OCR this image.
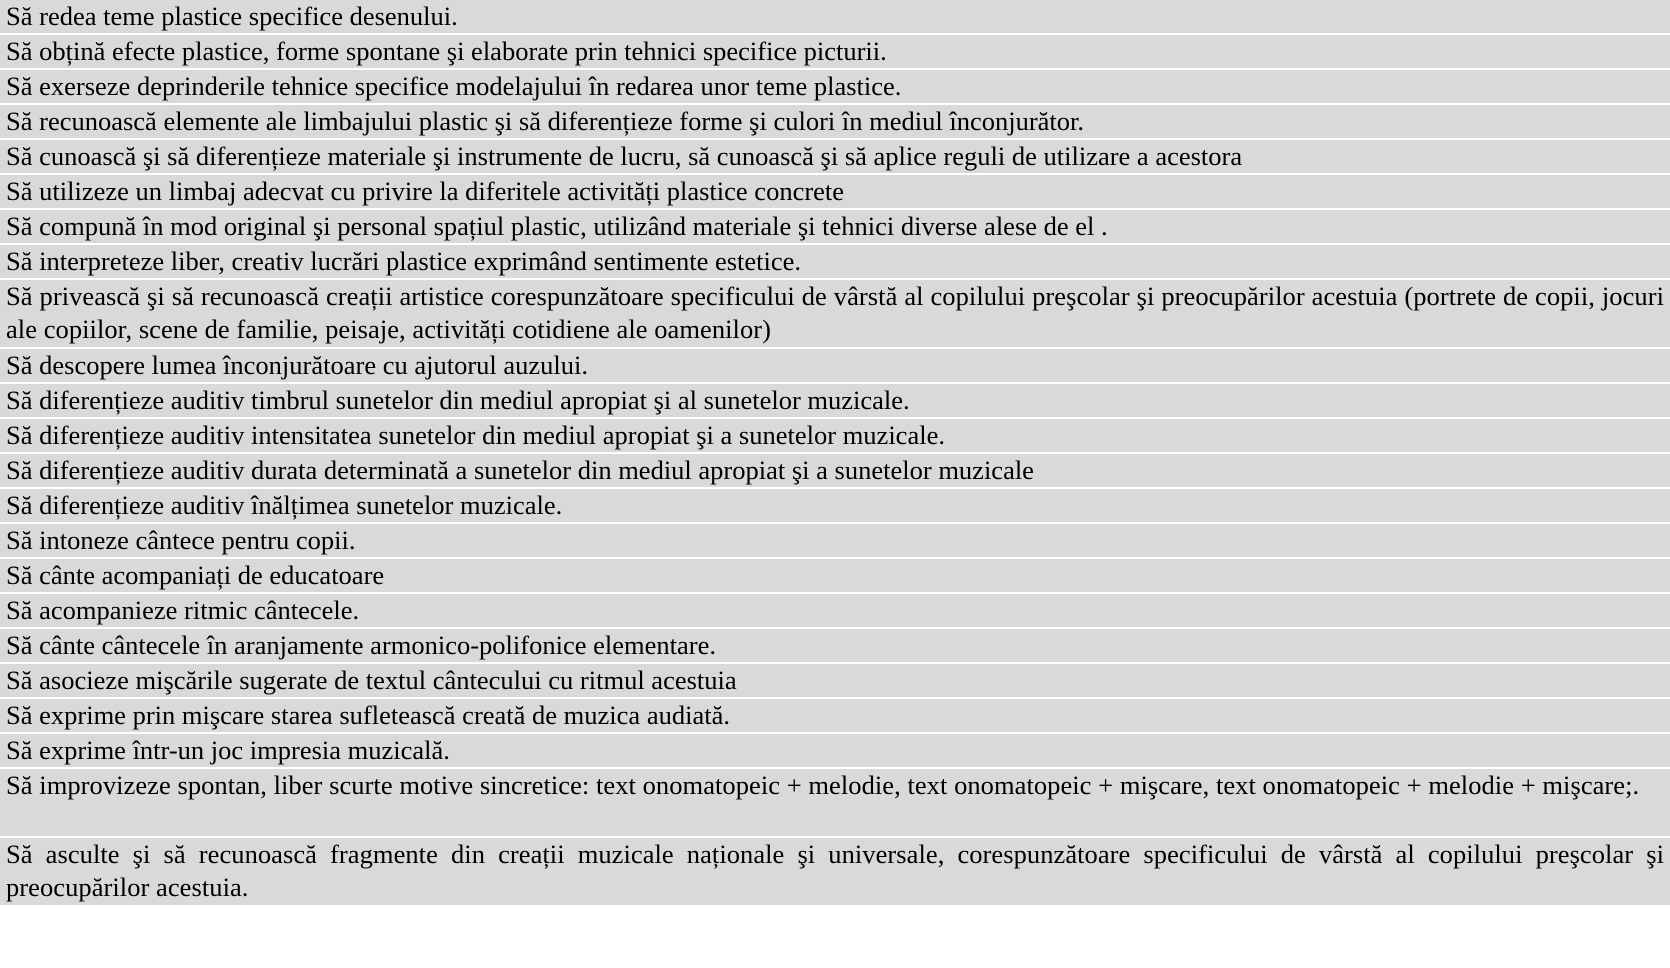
Să redea teme plastice specifice desenului.

Să obțină efecte plastice, forme spontane şi elaborate prin tehnici specifice picturii.

Să exerseze deprinderile tehnice specifice modelajului în redarea unor teme plastice.

Să recunoască elemente ale limbajului plastic şi să diferențieze forme şi culori în mediul înconjurător.

Să cunoască şi să diferențieze materiale şi instrumente de lucru, să cunoască şi să aplice reguli de utilizare a acestora

Să utilizeze un limbaj adecvat cu privire la diferitele activități plastice concrete

Să compună în mod original şi personal spațiul plastic, utilizând materiale şi tehnici diverse alese de el .

Să interpreteze liber, creativ lucrări plastice exprimând sentimente estetice.

Să privească şi să recunoască creații artistice corespunzătoare specificului de vârstă al copilului preşcolar şi preocupărilor acestuia (portrete de copii, jocuri ale copiilor, scene de familie, peisaje, activități cotidiene ale oamenilor)

Să descopere lumea înconjurătoare cu ajutorul auzului.

Să diferențieze auditiv timbrul sunetelor din mediul apropiat şi al sunetelor muzicale.

Să diferențieze auditiv intensitatea sunetelor din mediul apropiat şi a sunetelor muzicale.

Să diferențieze auditiv durata determinată a sunetelor din mediul apropiat şi a sunetelor muzicale

Să diferențieze auditiv înălțimea sunetelor muzicale.

Să intoneze cântece pentru copii.

Să cânte acompaniați de educatoare

Să acompanieze ritmic cântecele.

Să cânte cântecele în aranjamente armonico-polifonice elementare.

Să asocieze mişcările sugerate de textul cântecului cu ritmul acestuia

Să exprime prin mişcare starea sufletească creată de muzica audiată.

Să exprime într-un joc impresia muzicală.

Să improvizeze spontan, liber scurte motive sincretice: text onomatopeic + melodie, text onomatopeic + mişcare, text onomatopeic + melodie + mişcare;.

Să asculte şi să recunoască fragmente din creații muzicale naționale şi universale, corespunzătoare specificului de vârstă al copilului preşcolar şi preocupărilor acestuia.
